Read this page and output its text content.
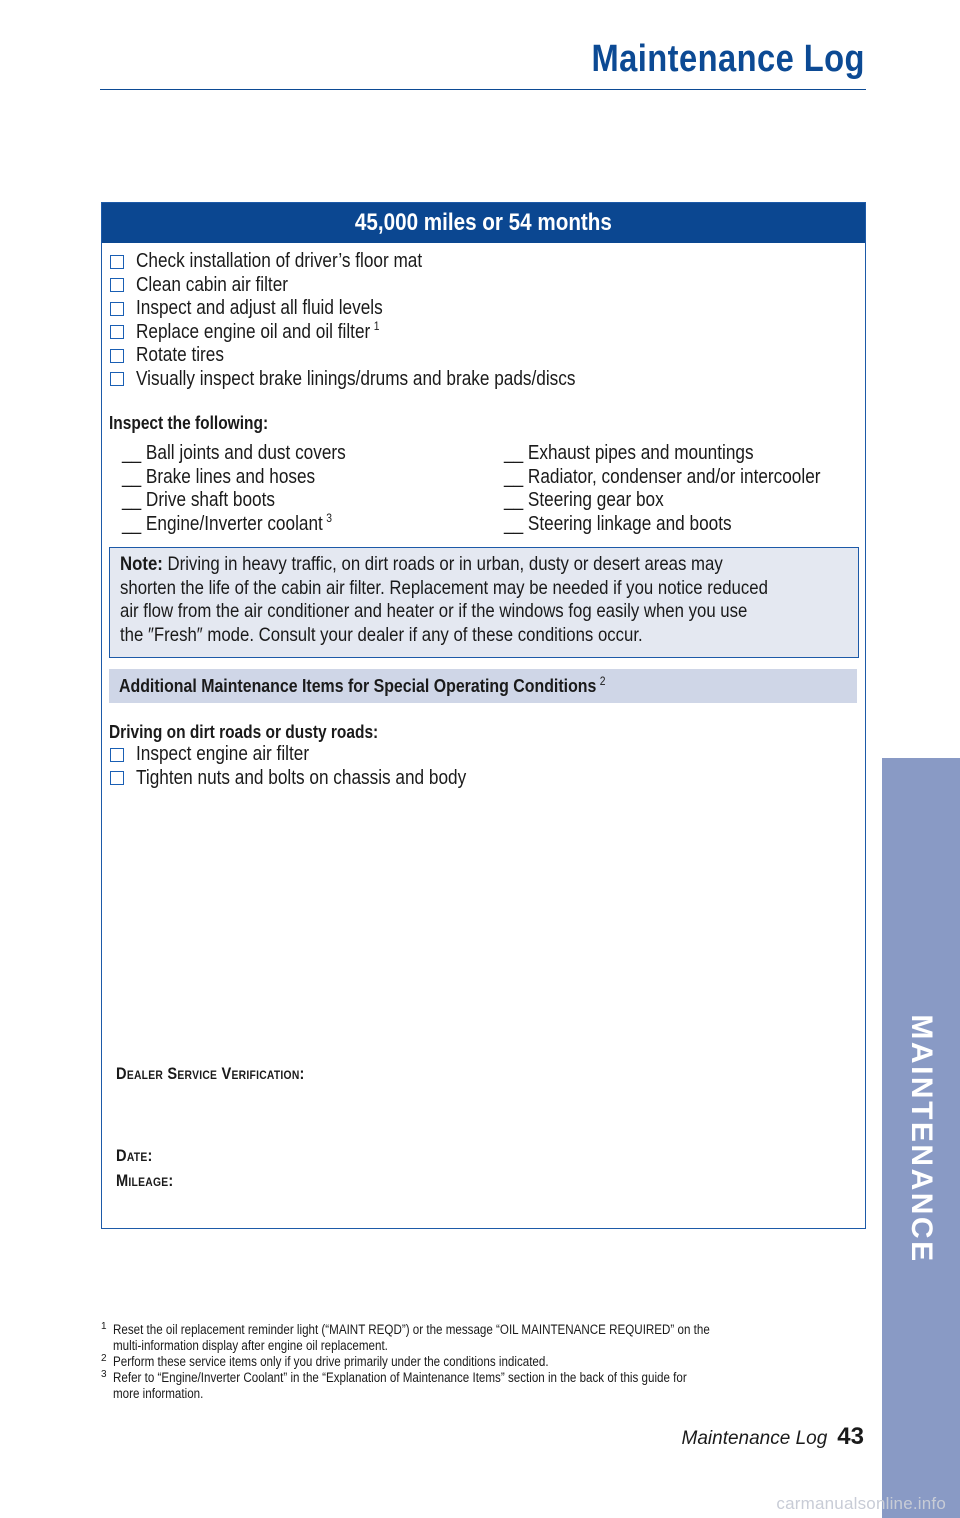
Maintenance Log
45,000 miles or 54 months
Check installation of driver’s floor mat
Clean cabin air filter
Inspect and adjust all fluid levels
Replace engine oil and oil filter $^1$
Rotate tires
Visually inspect brake linings/drums and brake pads/discs
Inspect the following:
__ Ball joints and dust covers
__ Brake lines and hoses
__ Drive shaft boots
__ Engine/Inverter coolant $^3$
__ Exhaust pipes and mountings
__ Radiator, condenser and/or intercooler
__ Steering gear box
__ Steering linkage and boots
Note: Driving in heavy traffic, on dirt roads or in urban, dusty or desert areas may
shorten the life of the cabin air filter. Replacement may be needed if you notice reduced
air flow from the air conditioner and heater or if the windows fog easily when you use
the ″Fresh″ mode. Consult your dealer if any of these conditions occur.
Additional Maintenance Items for Special Operating Conditions $^2$
Driving on dirt roads or dusty roads:
Inspect engine air filter
Tighten nuts and bolts on chassis and body
Dealer Service Verification:
Date:
Mileage:
1 Reset the oil replacement reminder light (“MAINT REQD”) or the message “OIL MAINTENANCE REQUIRED” on the
multi-information display after engine oil replacement.
2 Perform these service items only if you drive primarily under the conditions indicated.
3 Refer to “Engine/Inverter Coolant” in the “Explanation of Maintenance Items” section in the back of this guide for
more information.
Maintenance Log 43
MAINTENANCE
carmanualsonline.info
